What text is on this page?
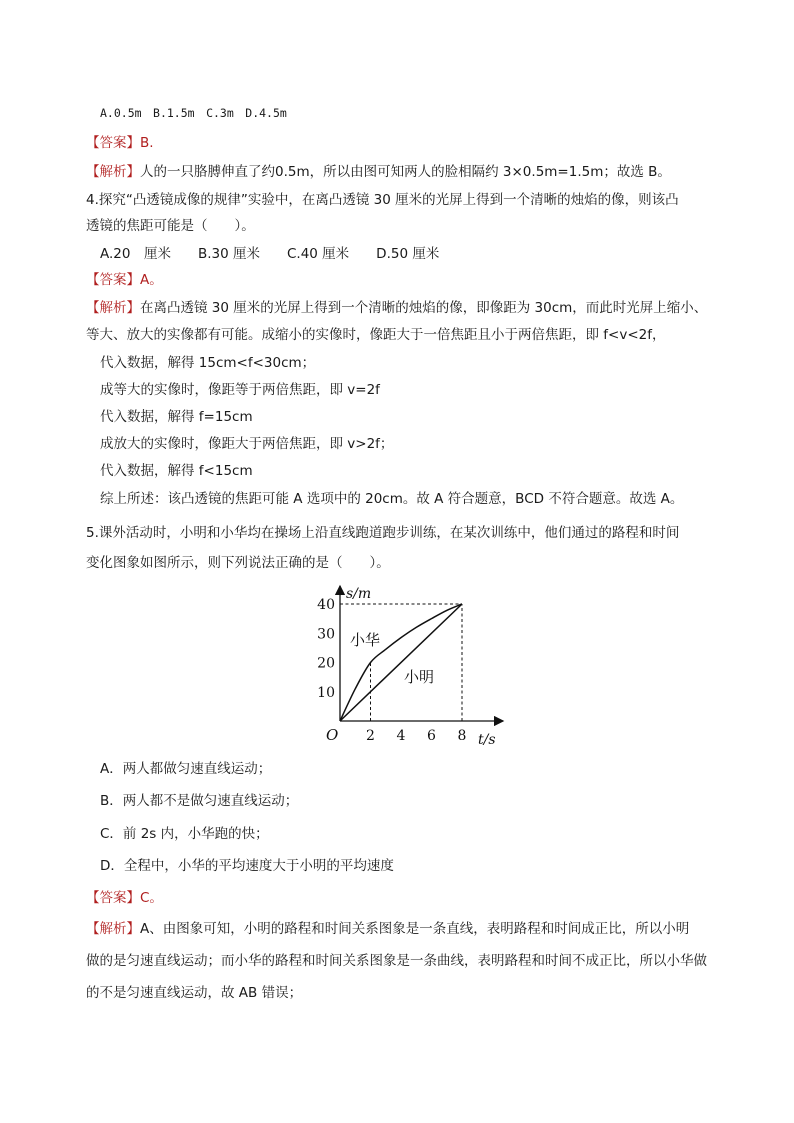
A.0.5m　B.1.5m　C.3m　D.4.5m
【答案】B.
【解析】人的一只胳膊伸直了约0.5m，所以由图可知两人的脸相隔约 3×0.5m=1.5m；故选 B。
4.探究“凸透镜成像的规律”实验中，在离凸透镜 30 厘米的光屏上得到一个清晰的烛焰的像，则该凸
透镜的焦距可能是（　　）。
A.20　厘米　　B.30 厘米　　C.40 厘米　　D.50 厘米
【答案】A。
【解析】在离凸透镜 30 厘米的光屏上得到一个清晰的烛焰的像，即像距为 30cm，而此时光屏上缩小、
等大、放大的实像都有可能。成缩小的实像时，像距大于一倍焦距且小于两倍焦距，即 f<v<2f，
代入数据，解得 15cm<f<30cm；
成等大的实像时，像距等于两倍焦距，即 v=2f
代入数据，解得 f=15cm
成放大的实像时，像距大于两倍焦距，即 v>2f；
代入数据，解得 f<15cm
综上所述：该凸透镜的焦距可能 A 选项中的 20cm。故 A 符合题意，BCD 不符合题意。故选 A。
5.课外活动时，小明和小华均在操场上沿直线跑道跑步训练，在某次训练中，他们通过的路程和时间
变化图象如图所示，则下列说法正确的是（　　）。
2 4 6 8
10
20
30
40
s/m
t/s
O
小华
小明
A．两人都做匀速直线运动；
B．两人都不是做匀速直线运动；
C．前 2s 内，小华跑的快；
D．全程中，小华的平均速度大于小明的平均速度
【答案】C。
【解析】A、由图象可知，小明的路程和时间关系图象是一条直线，表明路程和时间成正比，所以小明
做的是匀速直线运动；而小华的路程和时间关系图象是一条曲线，表明路程和时间不成正比，所以小华做
的不是匀速直线运动，故 AB 错误；
